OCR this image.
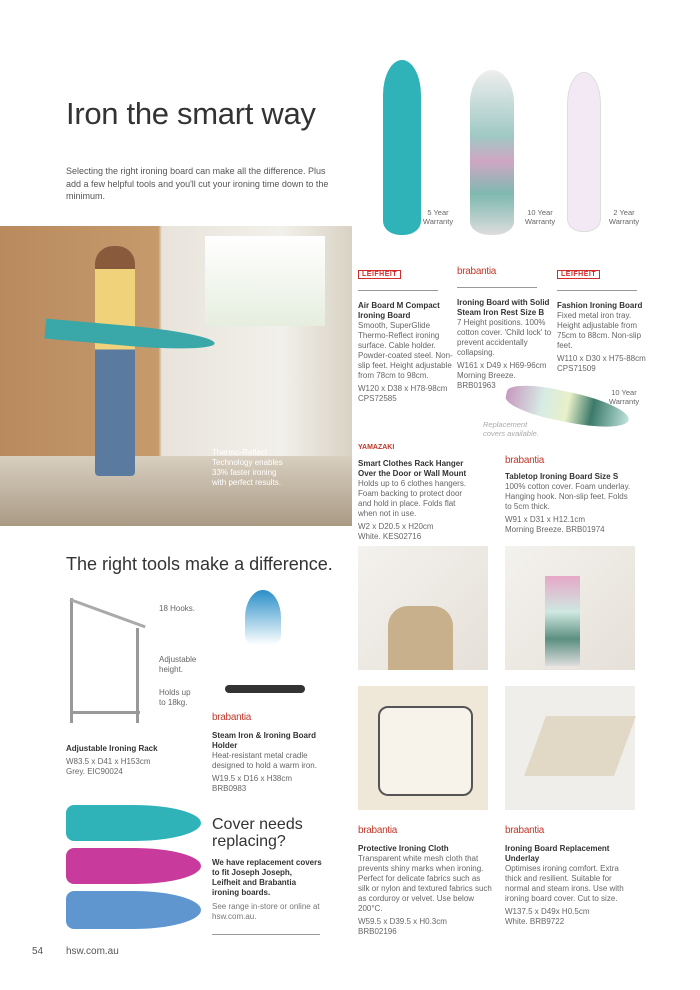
Iron the smart way

Selecting the right ironing board can make all the difference. Plus add a few helpful tools and you'll cut your ironing time down to the minimum.

Thermo-Reflect Technology enables 33% faster ironing with perfect results.
5 Year Warranty
10 Year Warranty
2 Year Warranty
LEIFHEIT
Air Board M Compact Ironing Board
Smooth, SuperGlide Thermo-Reflect ironing surface. Cable holder. Powder-coated steel. Non-slip feet. Height adjustable from 78cm to 98cm.
W120 x D38 x H78-98cm
CPS72585
brabantia
Ironing Board with Solid Steam Iron Rest Size B
7 Height positions. 100% cotton cover. 'Child lock' to prevent accidentally collapsing.
W161 x D49 x H69-96cm
Morning Breeze. BRB01963
LEIFHEIT
Fashion Ironing Board
Fixed metal iron tray. Height adjustable from 75cm to 88cm. Non-slip feet.
W110 x D30 x H75-88cm
CPS71509
10 Year Warranty
Replacement covers available.
YAMAZAKI
Smart Clothes Rack Hanger Over the Door or Wall Mount
Holds up to 6 clothes hangers. Foam backing to protect door and hold in place. Folds flat when not in use.
W2 x D20.5 x H20cm
White. KES02716
brabantia
Tabletop Ironing Board Size S
100% cotton cover. Foam underlay. Hanging hook. Non-slip feet. Folds to 5cm thick.
W91 x D31 x H12.1cm
Morning Breeze. BRB01974
brabantia
Protective Ironing Cloth
Transparent white mesh cloth that prevents shiny marks when ironing. Perfect for delicate fabrics such as silk or nylon and textured fabrics such as corduroy or velvet. Use below 200°C.
W59.5 x D39.5 x H0.3cm
BRB02196
brabantia
Ironing Board Replacement Underlay
Optimises ironing comfort. Extra thick and resilient. Suitable for normal and steam irons. Use with ironing board cover. Cut to size.
W137.5 x D49x H0.5cm
White. BRB9722
The right tools make a difference.
18 Hooks.
Adjustable height.
Holds up to 18kg.
Adjustable Ironing Rack
W83.5 x D41 x H153cm
Grey. EIC90024
brabantia
Steam Iron & Ironing Board Holder
Heat-resistant metal cradle designed to hold a warm iron.
W19.5 x D16 x H38cm
BRB0983
Cover needs replacing?
We have replacement covers to fit Joseph Joseph, Leifheit and Brabantia ironing boards.
See range in-store or online at hsw.com.au.
54 hsw.com.au
